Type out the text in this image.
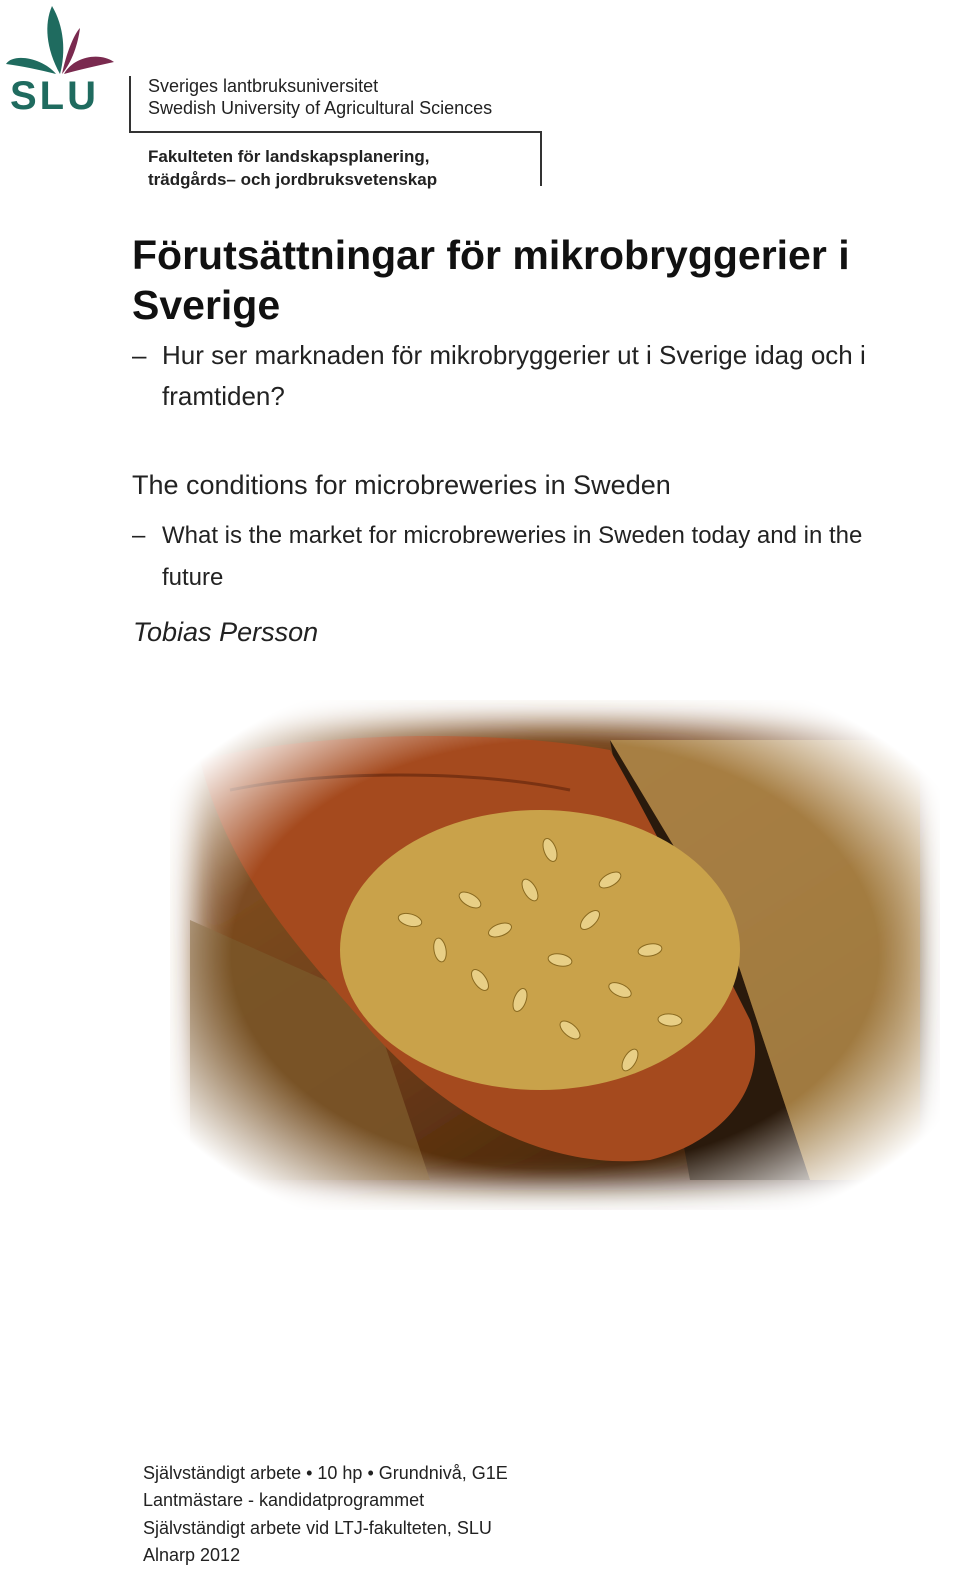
SLU	Sveriges lantbruksuniversitet
Swedish University of Agricultural Sciences
Fakulteten för landskapsplanering,
trädgårds– och jordbruksvetenskap
Förutsättningar för mikrobryggerier i Sverige
– Hur ser marknaden för mikrobryggerier ut i Sverige idag och i framtiden?
The conditions for microbreweries in Sweden
– What is the market for microbreweries in Sweden today and in the future
Tobias Persson
Självständigt arbete • 10 hp • Grundnivå, G1E
Lantmästare - kandidatprogrammet
Självständigt arbete vid LTJ-fakulteten, SLU
Alnarp 2012
